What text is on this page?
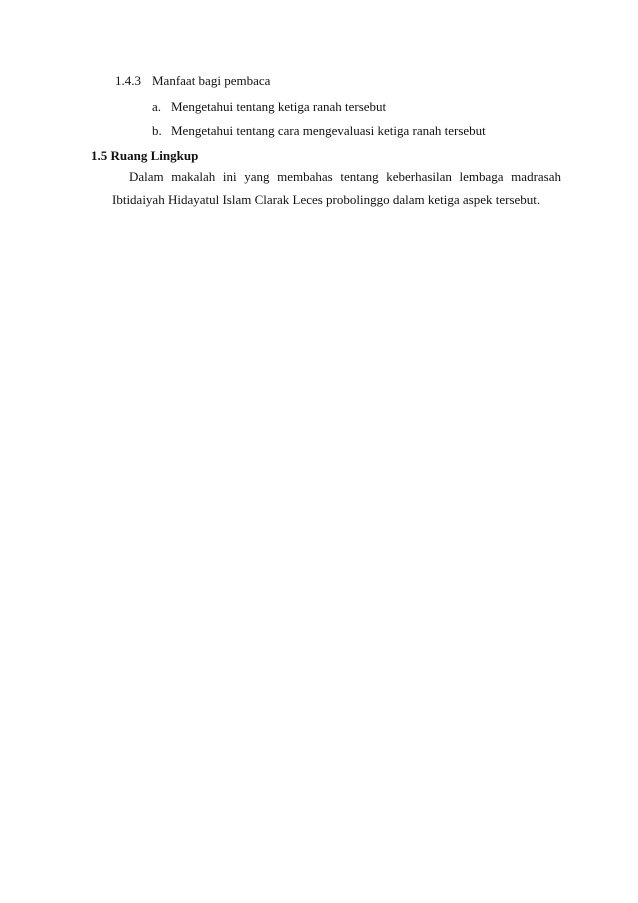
1.4.3 Manfaat bagi pembaca
a. Mengetahui tentang ketiga ranah tersebut
b. Mengetahui tentang cara mengevaluasi ketiga ranah tersebut
1.5 Ruang Lingkup
Dalam makalah ini yang membahas tentang keberhasilan lembaga madrasah
Ibtidaiyah Hidayatul Islam Clarak Leces probolinggo dalam ketiga aspek tersebut.
